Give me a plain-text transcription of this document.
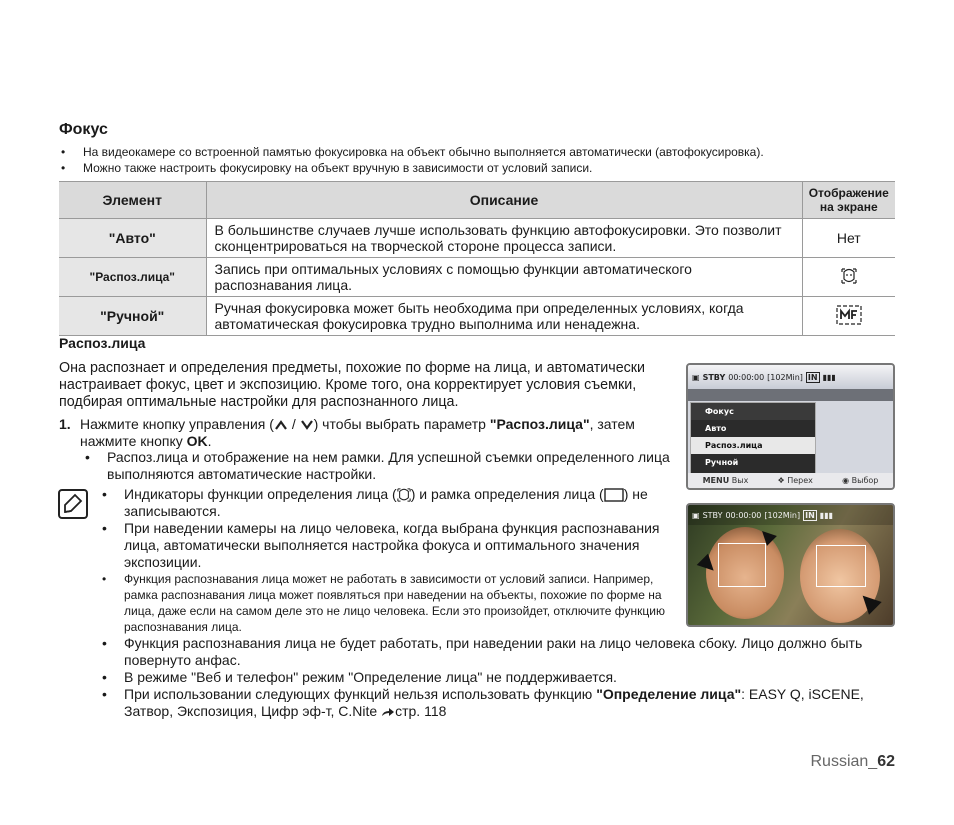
Фокус
• На видеокамере со встроенной памятью фокусировка на объект обычно выполняется автоматически (автофокусировка).
• Можно также настроить фокусировку на объект вручную в зависимости от условий записи.
Элемент	Описание	Отображение
на экране
"Авто"	В большинстве случаев лучше использовать функцию автофокусировки. Это позволит сконцентрироваться на творческой стороне процесса записи.	Нет
"Распоз.лица"	Запись при оптимальных условиях с помощью функции автоматического распознавания лица.	
"Ручной"	Ручная фокусировка может быть необходима при определенных условиях, когда автоматическая фокусировка трудно выполнима или ненадежна.	
Распоз.лица
Она распознает и определения предметы, похожие по форме на лица, и автоматически настраивает фокус, цвет и экспозицию. Кроме того, она корректирует условия съемки, подбирая оптимальные настройки для распознанного лица.
1. Нажмите кнопку управления ( / ) чтобы выбрать параметр "Распоз.лица", затем нажмите кнопку OK.
• Распоз.лица и отображение на нем рамки. Для успешной съемки определенного лица выполняются автоматические настройки.
• Индикаторы функции определения лица ( ) и рамка определения лица ( ) не записываются.
• При наведении камеры на лицо человека, когда выбрана функция распознавания лица, автоматически выполняется настройка фокуса и оптимального значения экспозиции.
• Функция распознавания лица может не работать в зависимости от условий записи. Например, рамка распознавания лица может появляться при наведении на объекты, похожие по форме на лица, даже если на самом деле это не лицо человека. Если это произойдет, отключите функцию распознавания лица.
• Функция распознавания лица не будет работать, при наведении раки на лицо человека сбоку. Лицо должно быть повернуто анфас.
• В режиме "Веб и телефон" режим "Определение лица" не поддерживается.
• При использовании следующих функций нельзя использовать функцию "Определение лица": EASY Q, iSCENE, Затвор, Экспозиция, Цифр эф-т, C.Nite стр. 118
▣ STBY 00:00:00 [102Min] IN ▮▮▮
Фокус
Авто
Распоз.лица
Ручной
MENU Вых	❖ Перех	◉ Выбор
▣ STBY 00:00:00 [102Min] IN ▮▮▮
Russian_62
